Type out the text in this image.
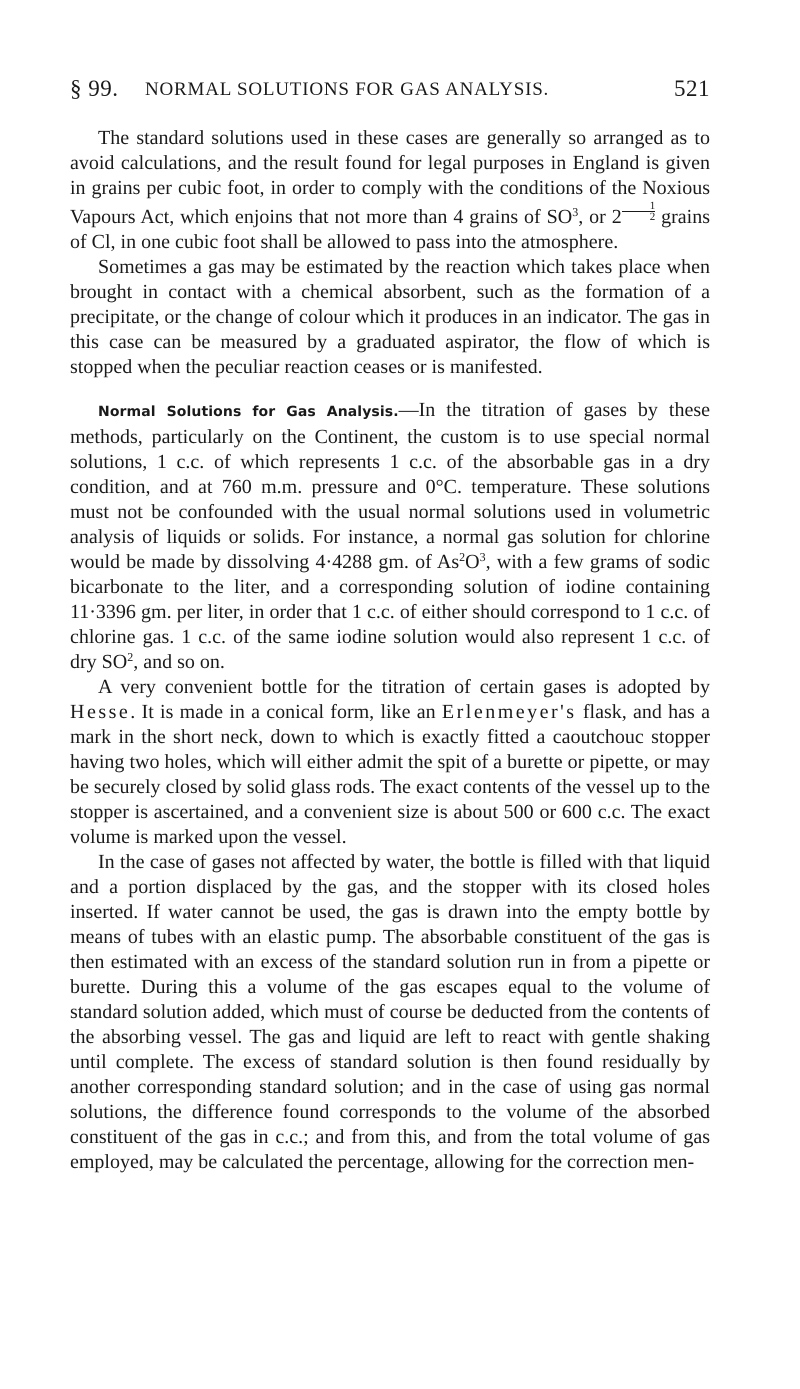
§ 99. NORMAL SOLUTIONS FOR GAS ANALYSIS.	521

The standard solutions used in these cases are generally so arranged as to avoid calculations, and the result found for legal purposes in England is given in grains per cubic foot, in order to comply with the conditions of the Noxious Vapours Act, which enjoins that not more than 4 grains of $SO^3$, or $2 \frac{1}{2}$ grains of Cl, in one cubic foot shall be allowed to pass into the atmosphere.

Sometimes a gas may be estimated by the reaction which takes place when brought in contact with a chemical absorbent, such as the formation of a precipitate, or the change of colour which it produces in an indicator. The gas in this case can be measured by a graduated aspirator, the flow of which is stopped when the peculiar reaction ceases or is manifested.

Normal Solutions for Gas Analysis.—In the titration of gases by these methods, particularly on the Continent, the custom is to use special normal solutions, 1 c.c. of which represents 1 c.c. of the absorbable gas in a dry condition, and at 760 m.m. pressure and 0°C. temperature. These solutions must not be confounded with the usual normal solutions used in volumetric analysis of liquids or solids. For instance, a normal gas solution for chlorine would be made by dissolving 4·4288 gm. of $As^2O^3$, with a few grams of sodic bicarbonate to the liter, and a corresponding solution of iodine containing 11·3396 gm. per liter, in order that 1 c.c. of either should correspond to 1 c.c. of chlorine gas. 1 c.c. of the same iodine solution would also represent 1 c.c. of dry $SO^2$, and so on.

A very convenient bottle for the titration of certain gases is adopted by Hesse. It is made in a conical form, like an Erlenmeyer's flask, and has a mark in the short neck, down to which is exactly fitted a caoutchouc stopper having two holes, which will either admit the spit of a burette or pipette, or may be securely closed by solid glass rods. The exact contents of the vessel up to the stopper is ascertained, and a convenient size is about 500 or 600 c.c. The exact volume is marked upon the vessel.

In the case of gases not affected by water, the bottle is filled with that liquid and a portion displaced by the gas, and the stopper with its closed holes inserted. If water cannot be used, the gas is drawn into the empty bottle by means of tubes with an elastic pump. The absorbable constituent of the gas is then estimated with an excess of the standard solution run in from a pipette or burette. During this a volume of the gas escapes equal to the volume of standard solution added, which must of course be deducted from the contents of the absorbing vessel. The gas and liquid are left to react with gentle shaking until complete. The excess of standard solution is then found residually by another corresponding standard solution; and in the case of using gas normal solutions, the difference found corresponds to the volume of the absorbed constituent of the gas in c.c.; and from this, and from the total volume of gas employed, may be calculated the percentage, allowing for the correction men-
